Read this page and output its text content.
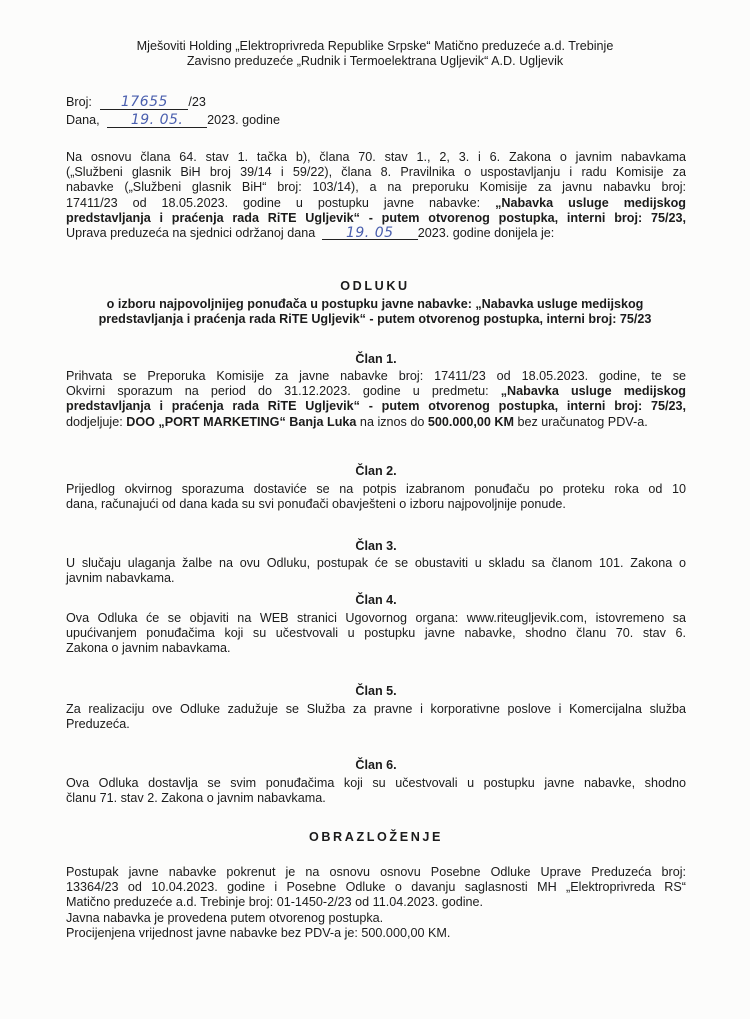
Mješoviti Holding „Elektroprivreda Republike Srpske“ Matično preduzeće a.d. Trebinje
Zavisno preduzeće „Rudnik i Termoelektrana Ugljevik“ A.D. Ugljevik
Broj: 17655 /23
Dana, 19. 05. 2023. godine
Na osnovu člana 64. stav 1. tačka b), člana 70. stav 1., 2, 3. i 6. Zakona o javnim nabavkama
(„Službeni glasnik BiH broj 39/14 i 59/22), člana 8. Pravilnika o uspostavljanju i radu Komisije za
nabavke („Službeni glasnik BiH“ broj: 103/14), a na preporuku Komisije za javnu nabavku broj:
17411/23 od 18.05.2023. godine u postupku javne nabavke: „Nabavka usluge medijskog
predstavljanja i praćenja rada RiTE Ugljevik“ - putem otvorenog postupka, interni broj: 75/23,
Uprava preduzeća na sjednici održanoj dana 19. 05 2023. godine donijela je:
ODLUKU
o izboru najpovoljnijeg ponuđača u postupku javne nabavke: „Nabavka usluge medijskog
predstavljanja i praćenja rada RiTE Ugljevik“ - putem otvorenog postupka, interni broj: 75/23
Član 1.
Prihvata se Preporuka Komisije za javne nabavke broj: 17411/23 od 18.05.2023. godine, te se
Okvirni sporazum na period do 31.12.2023. godine u predmetu: „Nabavka usluge medijskog
predstavljanja i praćenja rada RiTE Ugljevik“ - putem otvorenog postupka, interni broj: 75/23,
dodjeljuje: DOO „PORT MARKETING“ Banja Luka na iznos do 500.000,00 KM bez uračunatog PDV-a.
Član 2.
Prijedlog okvirnog sporazuma dostaviće se na potpis izabranom ponuđaču po proteku roka od 10
dana, računajući od dana kada su svi ponuđači obavješteni o izboru najpovoljnije ponude.
Član 3.
U slučaju ulaganja žalbe na ovu Odluku, postupak će se obustaviti u skladu sa članom 101. Zakona o
javnim nabavkama.
Član 4.
Ova Odluka će se objaviti na WEB stranici Ugovornog organa: www.riteugljevik.com, istovremeno sa
upućivanjem ponuđačima koji su učestvovali u postupku javne nabavke, shodno članu 70. stav 6.
Zakona o javnim nabavkama.
Član 5.
Za realizaciju ove Odluke zadužuje se Služba za pravne i korporativne poslove i Komercijalna služba
Preduzeća.
Član 6.
Ova Odluka dostavlja se svim ponuđačima koji su učestvovali u postupku javne nabavke, shodno
članu 71. stav 2. Zakona o javnim nabavkama.
OBRAZLOŽENJE
Postupak javne nabavke pokrenut je na osnovu osnovu Posebne Odluke Uprave Preduzeća broj:
13364/23 od 10.04.2023. godine i Posebne Odluke o davanju saglasnosti MH „Elektroprivreda RS“
Matično preduzeće a.d. Trebinje broj: 01-1450-2/23 od 11.04.2023. godine.
Javna nabavka je provedena putem otvorenog postupka.
Procijenjena vrijednost javne nabavke bez PDV-a je: 500.000,00 KM.
